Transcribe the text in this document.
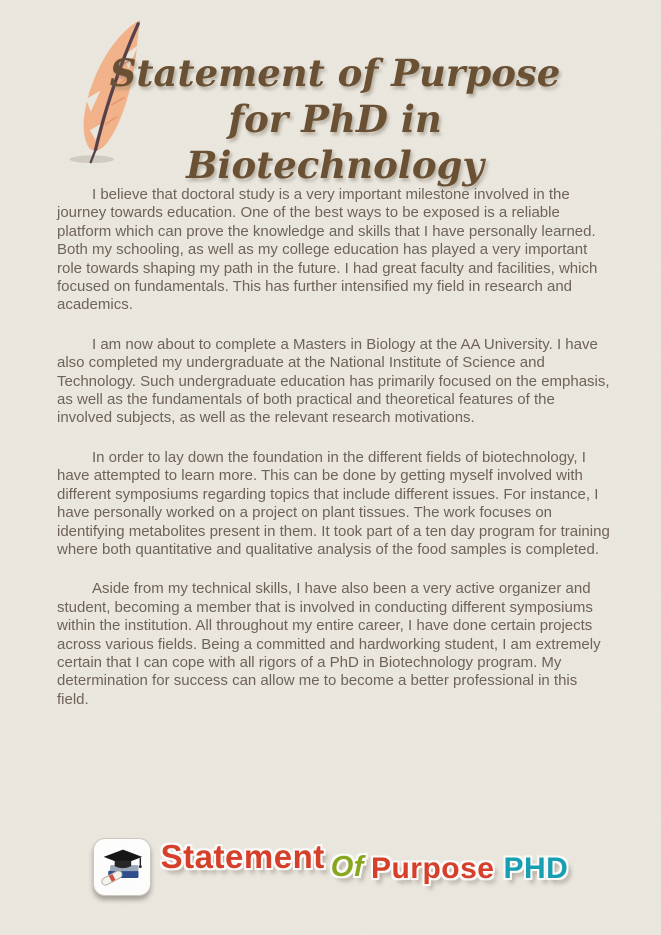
Statement of Purpose
for PhD in Biotechnology

I believe that doctoral study is a very important milestone involved in the journey towards education. One of the best ways to be exposed is a reliable platform which can prove the knowledge and skills that I have personally learned. Both my schooling, as well as my college education has played a very important role towards shaping my path in the future. I had great faculty and facilities, which focused on fundamentals. This has further intensified my field in research and academics.

I am now about to complete a Masters in Biology at the AA University. I have also completed my undergraduate at the National Institute of Science and Technology. Such undergraduate education has primarily focused on the emphasis, as well as the fundamentals of both practical and theoretical features of the involved subjects, as well as the relevant research motivations.

In order to lay down the foundation in the different fields of biotechnology, I have attempted to learn more. This can be done by getting myself involved with different symposiums regarding topics that include different issues. For instance, I have personally worked on a project on plant tissues. The work focuses on identifying metabolites present in them. It took part of a ten day program for training where both quantitative and qualitative analysis of the food samples is completed.

Aside from my technical skills, I have also been a very active organizer and student, becoming a member that is involved in conducting different symposiums within the institution. All throughout my entire career, I have done certain projects across various fields. Being a committed and hardworking student, I am extremely certain that I can cope with all rigors of a PhD in Biotechnology program. My determination for success can allow me to become a better professional in this field.

Statement Of Purpose PHD
